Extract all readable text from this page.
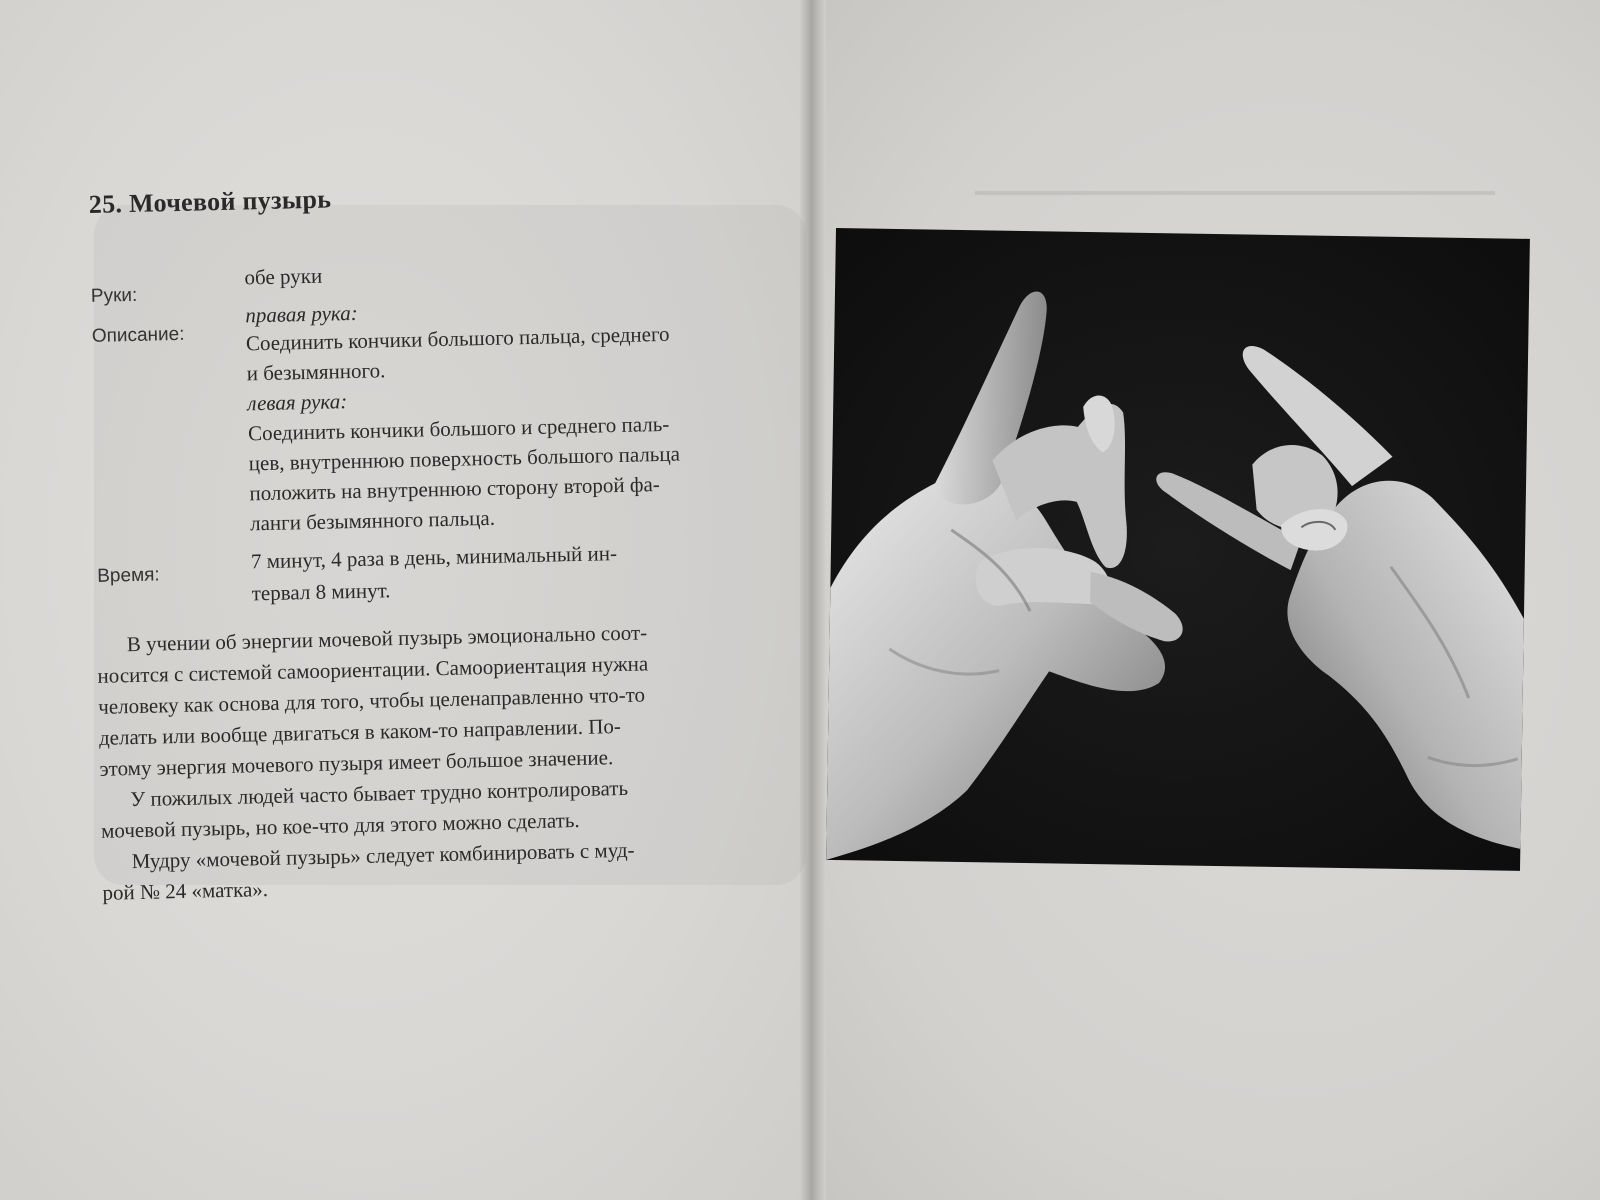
25. Мочевой пузырь
Руки:
обе руки
Описание:
правая рука:
Соединить кончики большого пальца, среднего
и безымянного.
левая рука:
Соединить кончики большого и среднего паль-
цев, внутреннюю поверхность большого пальца
положить на внутреннюю сторону второй фа-
ланги безымянного пальца.
Время:
7 минут, 4 раза в день, минимальный ин-
тервал 8 минут.
В учении об энергии мочевой пузырь эмоционально соот-
носится с системой самоориентации. Самоориентация нужна
человеку как основа для того, чтобы целенаправленно что-то
делать или вообще двигаться в каком-то направлении. По-
этому энергия мочевого пузыря имеет большое значение.
У пожилых людей часто бывает трудно контролировать
мочевой пузырь, но кое-что для этого можно сделать.
Мудру «мочевой пузырь» следует комбинировать с муд-
рой № 24 «матка».
